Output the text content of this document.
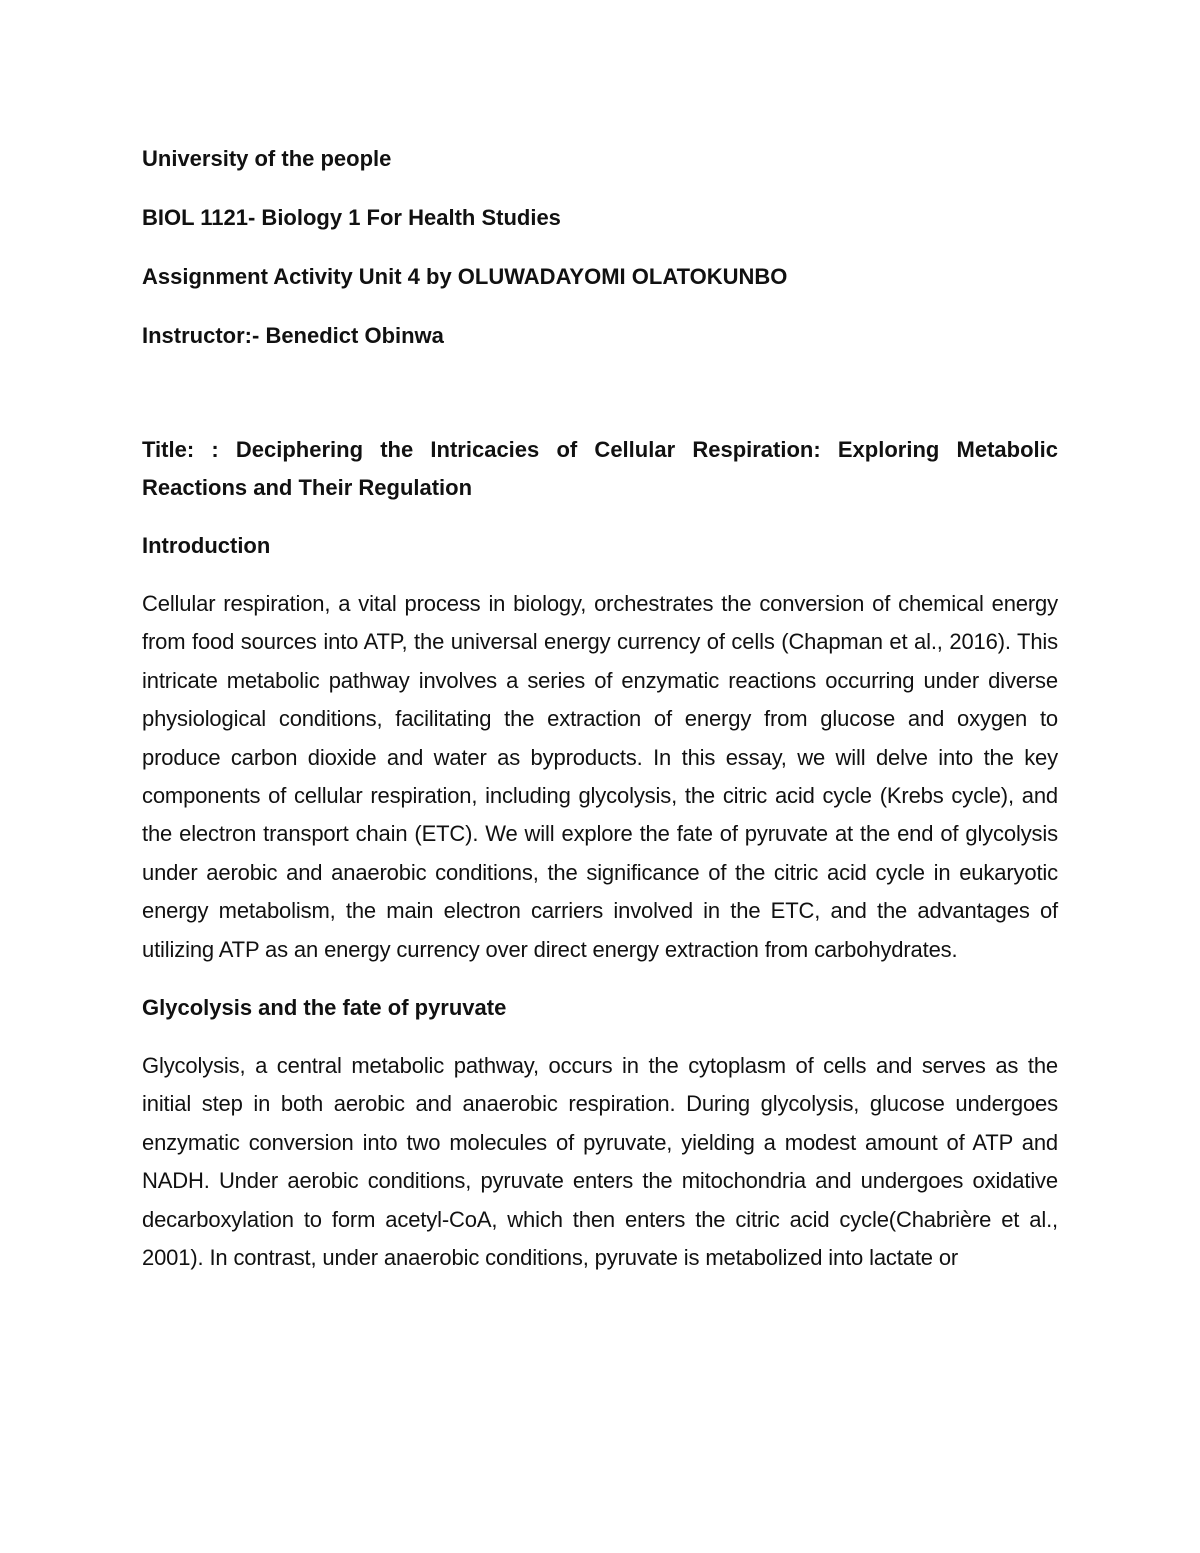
University of the people
BIOL 1121- Biology 1 For Health Studies
Assignment Activity Unit 4 by OLUWADAYOMI OLATOKUNBO
Instructor:- Benedict Obinwa
Title: : Deciphering the Intricacies of Cellular Respiration: Exploring Metabolic Reactions and Their Regulation
Introduction

Cellular respiration, a vital process in biology, orchestrates the conversion of chemical energy from food sources into ATP, the universal energy currency of cells (Chapman et al., 2016). This intricate metabolic pathway involves a series of enzymatic reactions occurring under diverse physiological conditions, facilitating the extraction of energy from glucose and oxygen to produce carbon dioxide and water as byproducts. In this essay, we will delve into the key components of cellular respiration, including glycolysis, the citric acid cycle (Krebs cycle), and the electron transport chain (ETC). We will explore the fate of pyruvate at the end of glycolysis under aerobic and anaerobic conditions, the significance of the citric acid cycle in eukaryotic energy metabolism, the main electron carriers involved in the ETC, and the advantages of utilizing ATP as an energy currency over direct energy extraction from carbohydrates.

Glycolysis and the fate of pyruvate

Glycolysis, a central metabolic pathway, occurs in the cytoplasm of cells and serves as the initial step in both aerobic and anaerobic respiration. During glycolysis, glucose undergoes enzymatic conversion into two molecules of pyruvate, yielding a modest amount of ATP and NADH. Under aerobic conditions, pyruvate enters the mitochondria and undergoes oxidative decarboxylation to form acetyl-CoA, which then enters the citric acid cycle(Chabrière et al., 2001). In contrast, under anaerobic conditions, pyruvate is metabolized into lactate or
